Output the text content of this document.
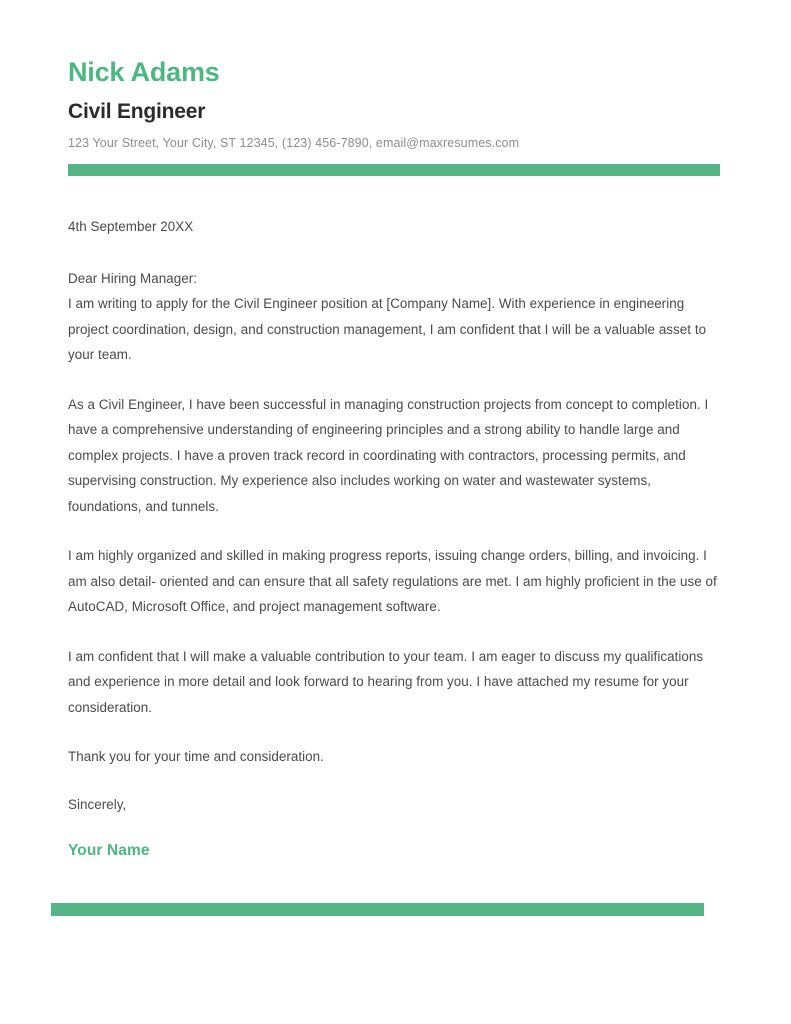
Nick Adams
Civil Engineer

123 Your Street, Your City, ST 12345, (123) 456-7890, email@maxresumes.com

4th September 20XX

Dear Hiring Manager:

I am writing to apply for the Civil Engineer position at [Company Name]. With experience in engineering project coordination, design, and construction management, I am confident that I will be a valuable asset to your team.

As a Civil Engineer, I have been successful in managing construction projects from concept to completion. I have a comprehensive understanding of engineering principles and a strong ability to handle large and complex projects. I have a proven track record in coordinating with contractors, processing permits, and supervising construction. My experience also includes working on water and wastewater systems, foundations, and tunnels.

I am highly organized and skilled in making progress reports, issuing change orders, billing, and invoicing. I am also detail- oriented and can ensure that all safety regulations are met. I am highly proficient in the use of AutoCAD, Microsoft Office, and project management software.

I am confident that I will make a valuable contribution to your team. I am eager to discuss my qualifications and experience in more detail and look forward to hearing from you. I have attached my resume for your consideration.

Thank you for your time and consideration.

Sincerely,

Your Name
